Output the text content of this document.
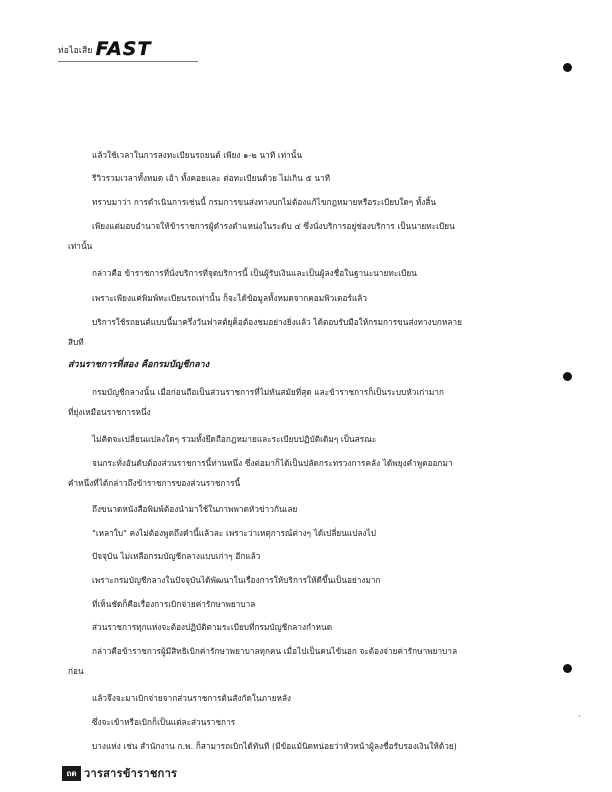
ท่อไอเสีย FAST
แล้วใช้เวลาในการลงทะเบียนรถยนต์ เพียง ๑-๒ นาที เท่านั้น
รีวิวรวมเวลาทั้งหมด เอ้า ทั้งคอยและ ต่อทะเบียนด้วย ไม่เกิน ๕ นาที
ทราบมาว่า การดำเนินการเช่นนี้ กรมการขนส่งทางบกไม่ต้องแก้ไขกฎหมายหรือระเบียบใดๆ ทั้งสิ้น
เพียงแต่มอบอำนาจให้ข้าราชการผู้ดำรงตำแหน่งในระดับ ๔ ซึ่งนั่งบริการอยู่ช่องบริการ เป็นนายทะเบียน
เท่านั้น
กล่าวคือ ข้าราชการที่นั่งบริการที่จุดบริการนี้ เป็นผู้รับเงินและเป็นผู้ลงชื่อในฐานะนายทะเบียน
เพราะเพียงแค่พิมพ์ทะเบียนรถเท่านั้น ก็จะได้ข้อมูลทั้งหมดจากคอมพิวเตอร์แล้ว
บริการใช้รถยนต์แบบนี้มาครึ่งวันฟาสต์ยุค็อต้องชมอย่างยิ่งแล้ว ได้ตอบรับมือให้กรมการขนส่งทางบกหลาย
สิบที
ส่วนราชการที่สอง คือกรมบัญชีกลาง
กรมบัญชีกลางนั้น เมื่อก่อนถือเป็นส่วนราชการที่ไม่ทันสมัยที่สุด และข้าราชการก็เป็นระบบหัวเก่ามาก
ที่ยุ่งเหมือนราชการหนึ่ง
ไม่คิดจะเปลี่ยนแปลงใดๆ รวมทั้งยึดถือกฎหมายและระเบียบปฏิบัติเดิมๆ เป็นสรณะ
จนกระทั่งอันดับต้องส่วนราชการนี้ท่านหนึ่ง ซึ่งต่อมาก็ได้เป็นปลัดกระทรวงการคลัง ได้พยุงคำพูดออกมา
คำหนึ่งที่ได้กล่าวถึงข้าราชการของส่วนราชการนี้
ถึงขนาดหนังสือพิมพ์ต้องนำมาใช้ในภาพพาดหัวข่าวกันเลย
"เหลาใบ" คงไม่ต้องพูดถึงคำนี้แล้วละ เพราะว่าเหตุการณ์ต่างๆ ได้เปลี่ยนแปลงไป
ปัจจุบัน ไม่เหลือกรมบัญชีกลางแบบเก่าๆ อีกแล้ว
เพราะกรมบัญชีกลางในปัจจุบันได้พัฒนาในเรื่องการให้บริการให้ดีขึ้นเป็นอย่างมาก
ที่เห็นชัดก็คือเรื่องการเบิกจ่ายค่ารักษาพยาบาล
ส่วนราชการทุกแห่งจะต้องปฏิบัติตามระเบียบที่กรมบัญชีกลางกำหนด
กล่าวคือข้าราชการผู้มีสิทธิเบิกค่ารักษาพยาบาลทุกคน เมื่อไปเป็นคนไข้นอก จะต้องจ่ายค่ารักษาพยาบาล
ก่อน
แล้วจึงจะมาเบิกจ่ายจากส่วนราชการต้นสังกัดในภายหลัง
ซึ่งจะเข้าหรือเบิกก็เป็นแต่ละส่วนราชการ
บางแห่ง เช่น สำนักงาน ก.พ. ก็สามารถเบิกได้ทันที (มีข้อแม้นิดหน่อยว่าหัวหน้าผู้ลงชื่อรับรองเงินให้ด้วย)
•
ถด วารสารข้าราชการ
